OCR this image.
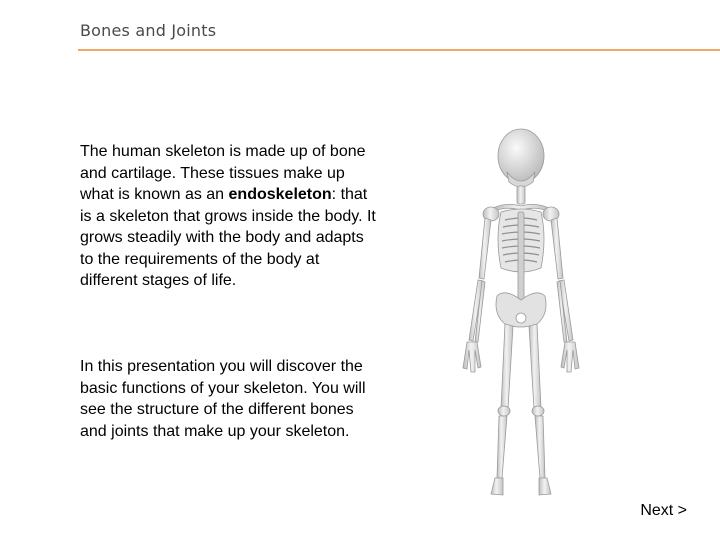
Bones and Joints

The human skeleton is made up of bone and cartilage. These tissues make up what is known as an endoskeleton: that is a skeleton that grows inside the body. It grows steadily with the body and adapts to the requirements of the body at different stages of life.

In this presentation you will discover the basic functions of your skeleton. You will see the structure of the different bones and joints that make up your skeleton.

Next >
